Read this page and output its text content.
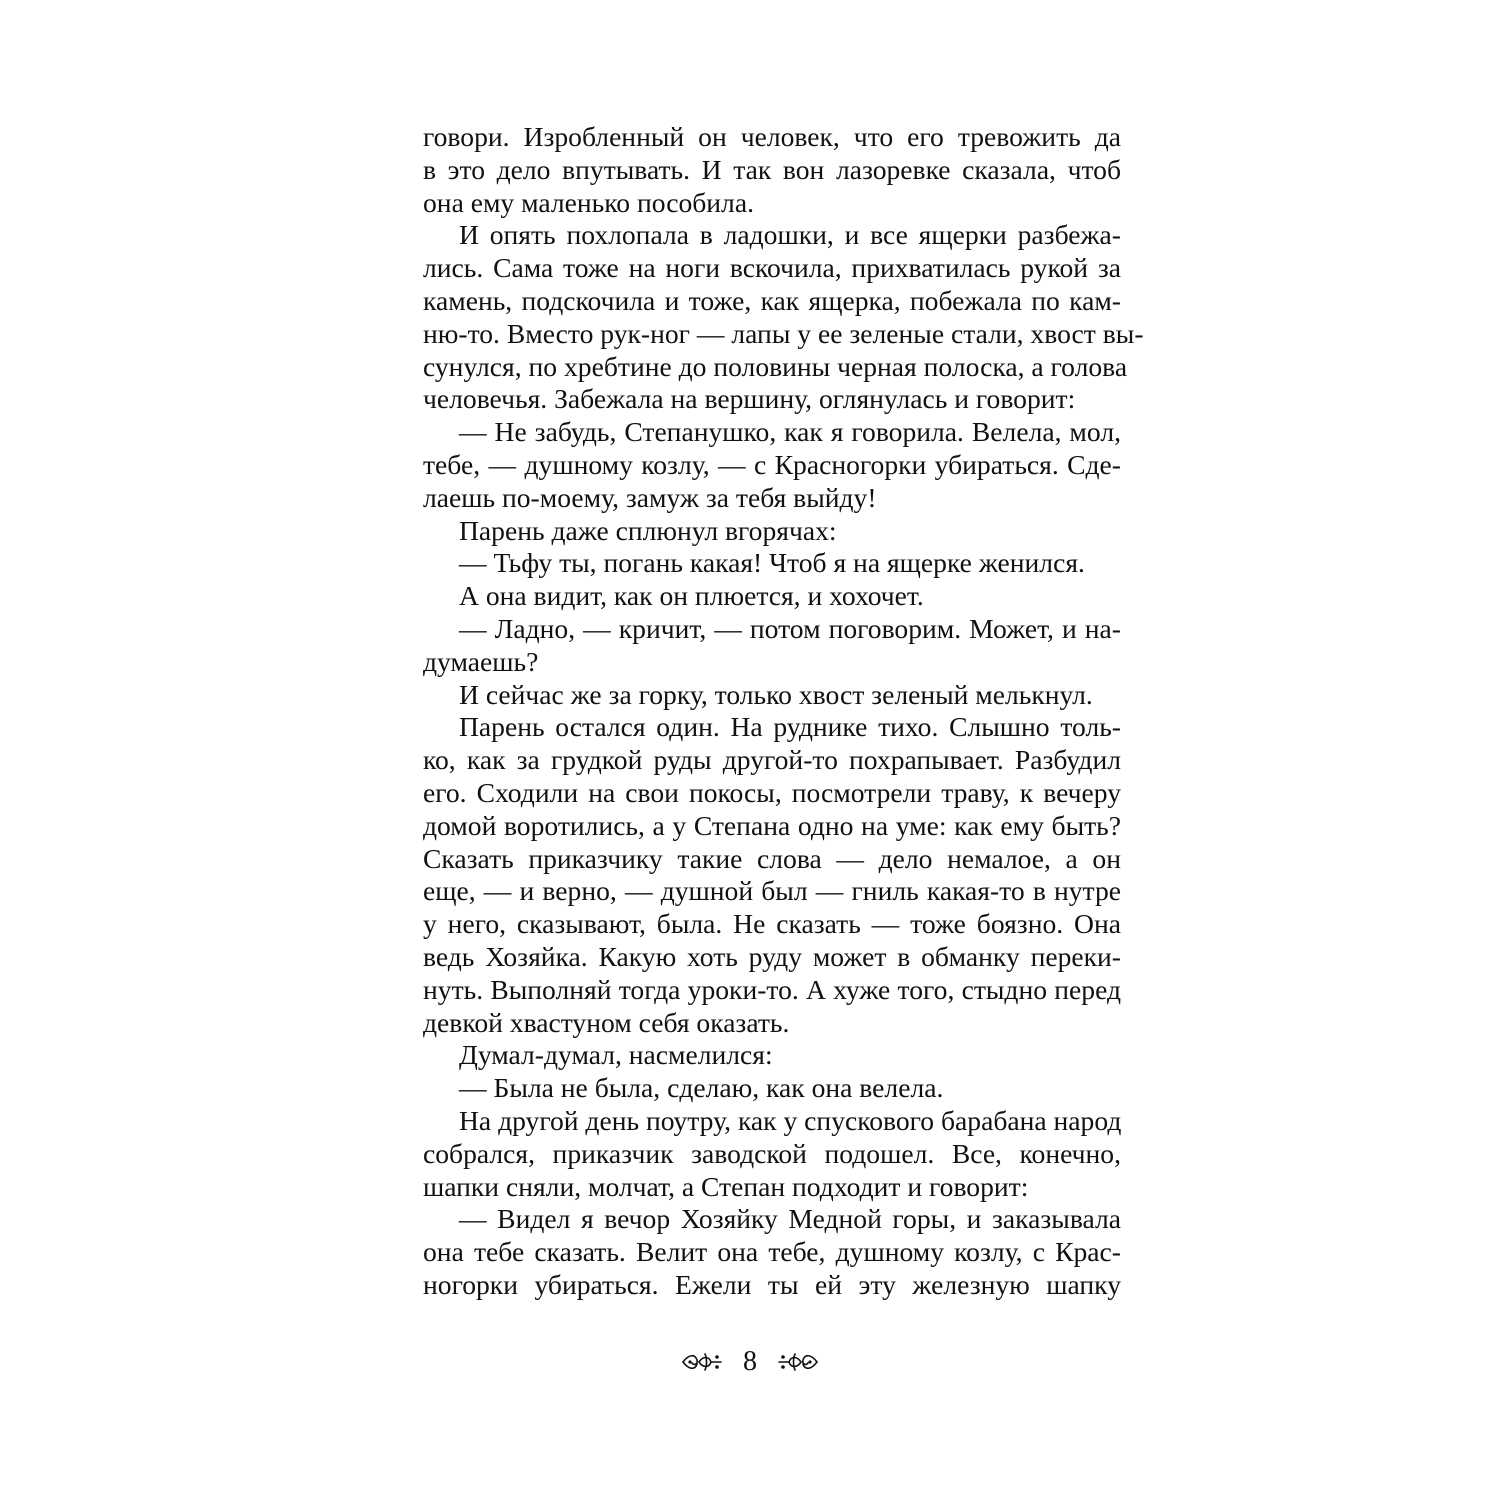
говори. Изробленный он человек, что его тревожить да
в это дело впутывать. И так вон лазоревке сказала, чтоб
она ему маленько пособила.
И опять похлопала в ладошки, и все ящерки разбежа-
лись. Сама тоже на ноги вскочила, прихватилась рукой за
камень, подскочила и тоже, как ящерка, побежала по кам-
ню-то. Вместо рук-ног — лапы у ее зеленые стали, хвост вы-
сунулся, по хребтине до половины черная полоска, а голова
человечья. Забежала на вершину, оглянулась и говорит:
— Не забудь, Степанушко, как я говорила. Велела, мол,
тебе, — душному козлу, — с Красногорки убираться. Сде-
лаешь по-моему, замуж за тебя выйду!
Парень даже сплюнул вгорячах:
— Тьфу ты, погань какая! Чтоб я на ящерке женился.
А она видит, как он плюется, и хохочет.
— Ладно, — кричит, — потом поговорим. Может, и на-
думаешь?
И сейчас же за горку, только хвост зеленый мелькнул.
Парень остался один. На руднике тихо. Слышно толь-
ко, как за грудкой руды другой-то похрапывает. Разбудил
его. Сходили на свои покосы, посмотрели траву, к вечеру
домой воротились, а у Степана одно на уме: как ему быть?
Сказать приказчику такие слова — дело немалое, а он
еще, — и верно, — душной был — гниль какая-то в нутре
у него, сказывают, была. Не сказать — тоже боязно. Она
ведь Хозяйка. Какую хоть руду может в обманку переки-
нуть. Выполняй тогда уроки-то. А хуже того, стыдно перед
девкой хвастуном себя оказать.
Думал-думал, насмелился:
— Была не была, сделаю, как она велела.
На другой день поутру, как у спускового барабана народ
собрался, приказчик заводской подошел. Все, конечно,
шапки сняли, молчат, а Степан подходит и говорит:
— Видел я вечор Хозяйку Медной горы, и заказывала
она тебе сказать. Велит она тебе, душному козлу, с Крас-
ногорки убираться. Ежели ты ей эту железную шапку
8
